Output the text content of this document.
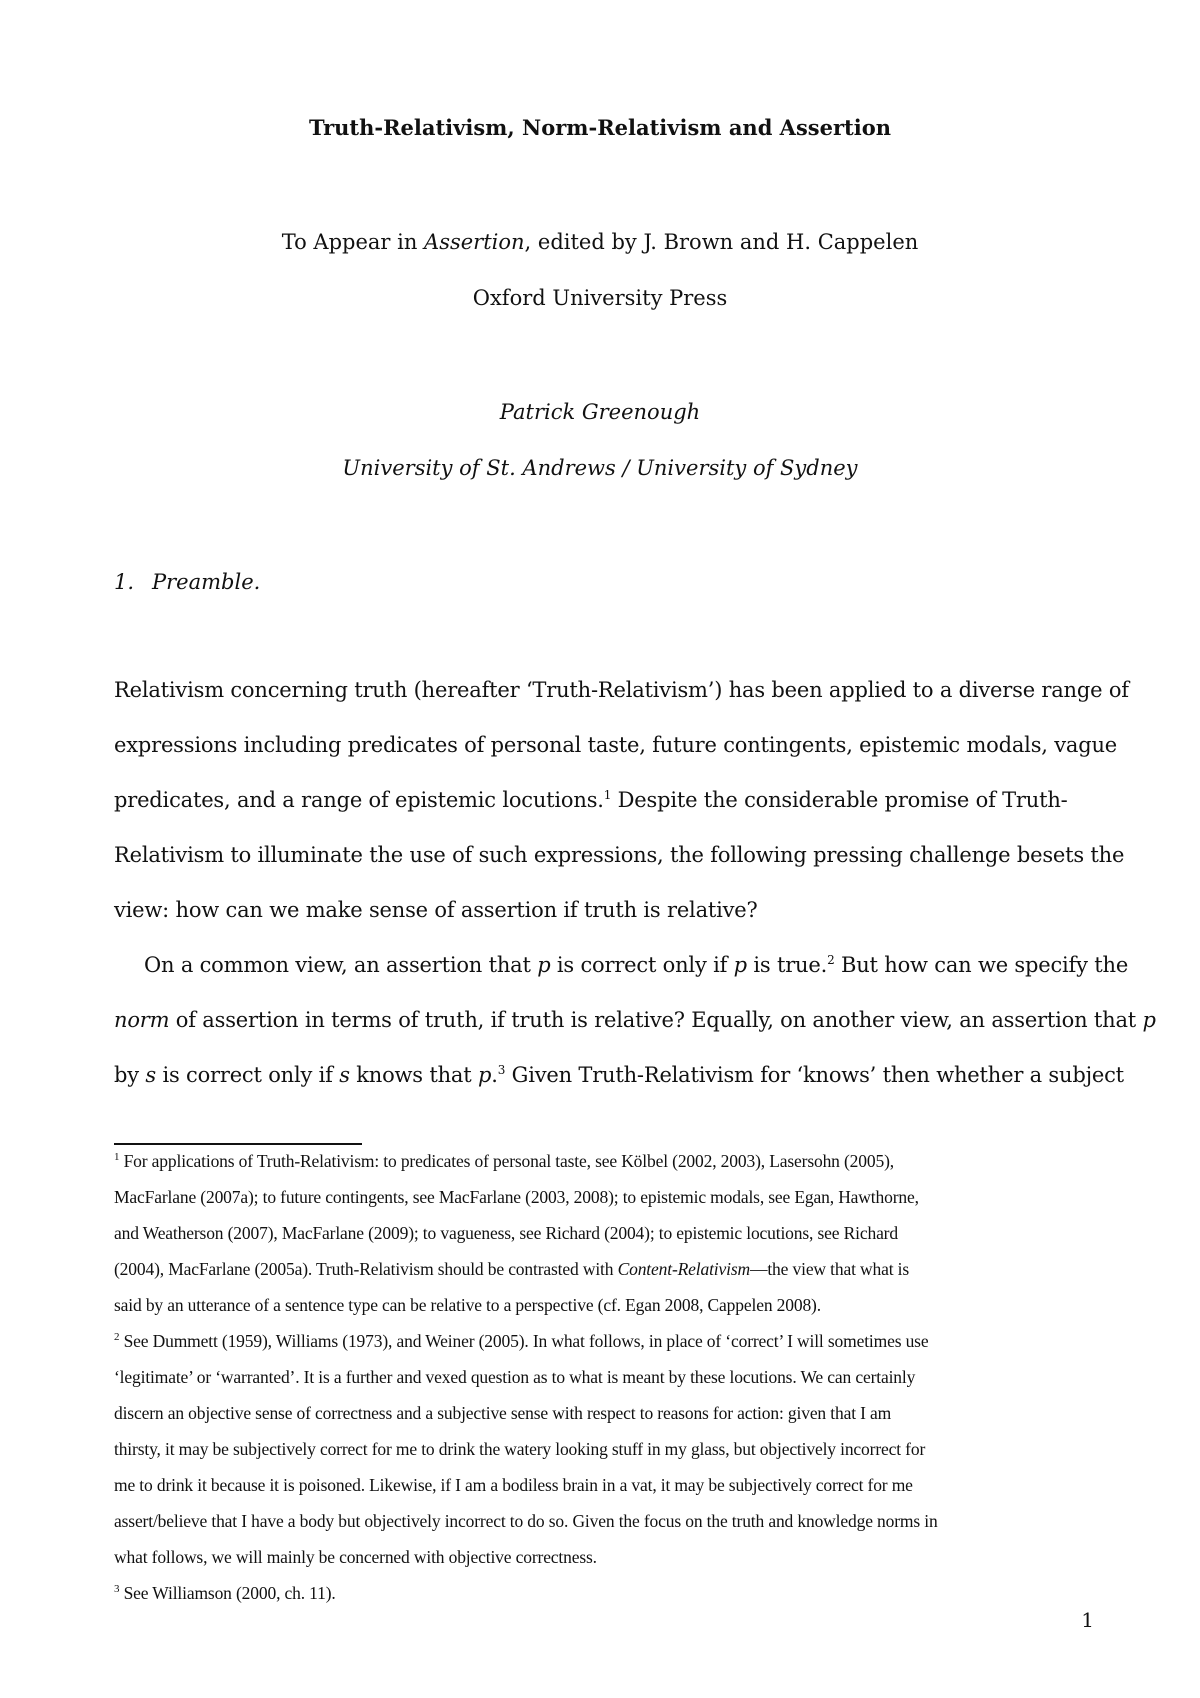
Truth-Relativism, Norm-Relativism and Assertion
To Appear in Assertion, edited by J. Brown and H. Cappelen
Oxford University Press
Patrick Greenough
University of St. Andrews / University of Sydney
1. Preamble.
Relativism concerning truth (hereafter ‘Truth-Relativism’) has been applied to a diverse range of
expressions including predicates of personal taste, future contingents, epistemic modals, vague
predicates, and a range of epistemic locutions.$^1$ Despite the considerable promise of Truth-
Relativism to illuminate the use of such expressions, the following pressing challenge besets the
view: how can we make sense of assertion if truth is relative?
On a common view, an assertion that p is correct only if p is true.$^2$ But how can we specify the
norm of assertion in terms of truth, if truth is relative? Equally, on another view, an assertion that p
by s is correct only if s knows that p.$^3$ Given Truth-Relativism for ‘knows’ then whether a subject
$^1$ For applications of Truth-Relativism: to predicates of personal taste, see Kölbel (2002, 2003), Lasersohn (2005),
MacFarlane (2007a); to future contingents, see MacFarlane (2003, 2008); to epistemic modals, see Egan, Hawthorne,
and Weatherson (2007), MacFarlane (2009); to vagueness, see Richard (2004); to epistemic locutions, see Richard
(2004), MacFarlane (2005a). Truth-Relativism should be contrasted with Content-Relativism—the view that what is
said by an utterance of a sentence type can be relative to a perspective (cf. Egan 2008, Cappelen 2008).
$^2$ See Dummett (1959), Williams (1973), and Weiner (2005). In what follows, in place of ‘correct’ I will sometimes use
‘legitimate’ or ‘warranted’. It is a further and vexed question as to what is meant by these locutions. We can certainly
discern an objective sense of correctness and a subjective sense with respect to reasons for action: given that I am
thirsty, it may be subjectively correct for me to drink the watery looking stuff in my glass, but objectively incorrect for
me to drink it because it is poisoned. Likewise, if I am a bodiless brain in a vat, it may be subjectively correct for me
assert/believe that I have a body but objectively incorrect to do so. Given the focus on the truth and knowledge norms in
what follows, we will mainly be concerned with objective correctness.
$^3$ See Williamson (2000, ch. 11).
1
